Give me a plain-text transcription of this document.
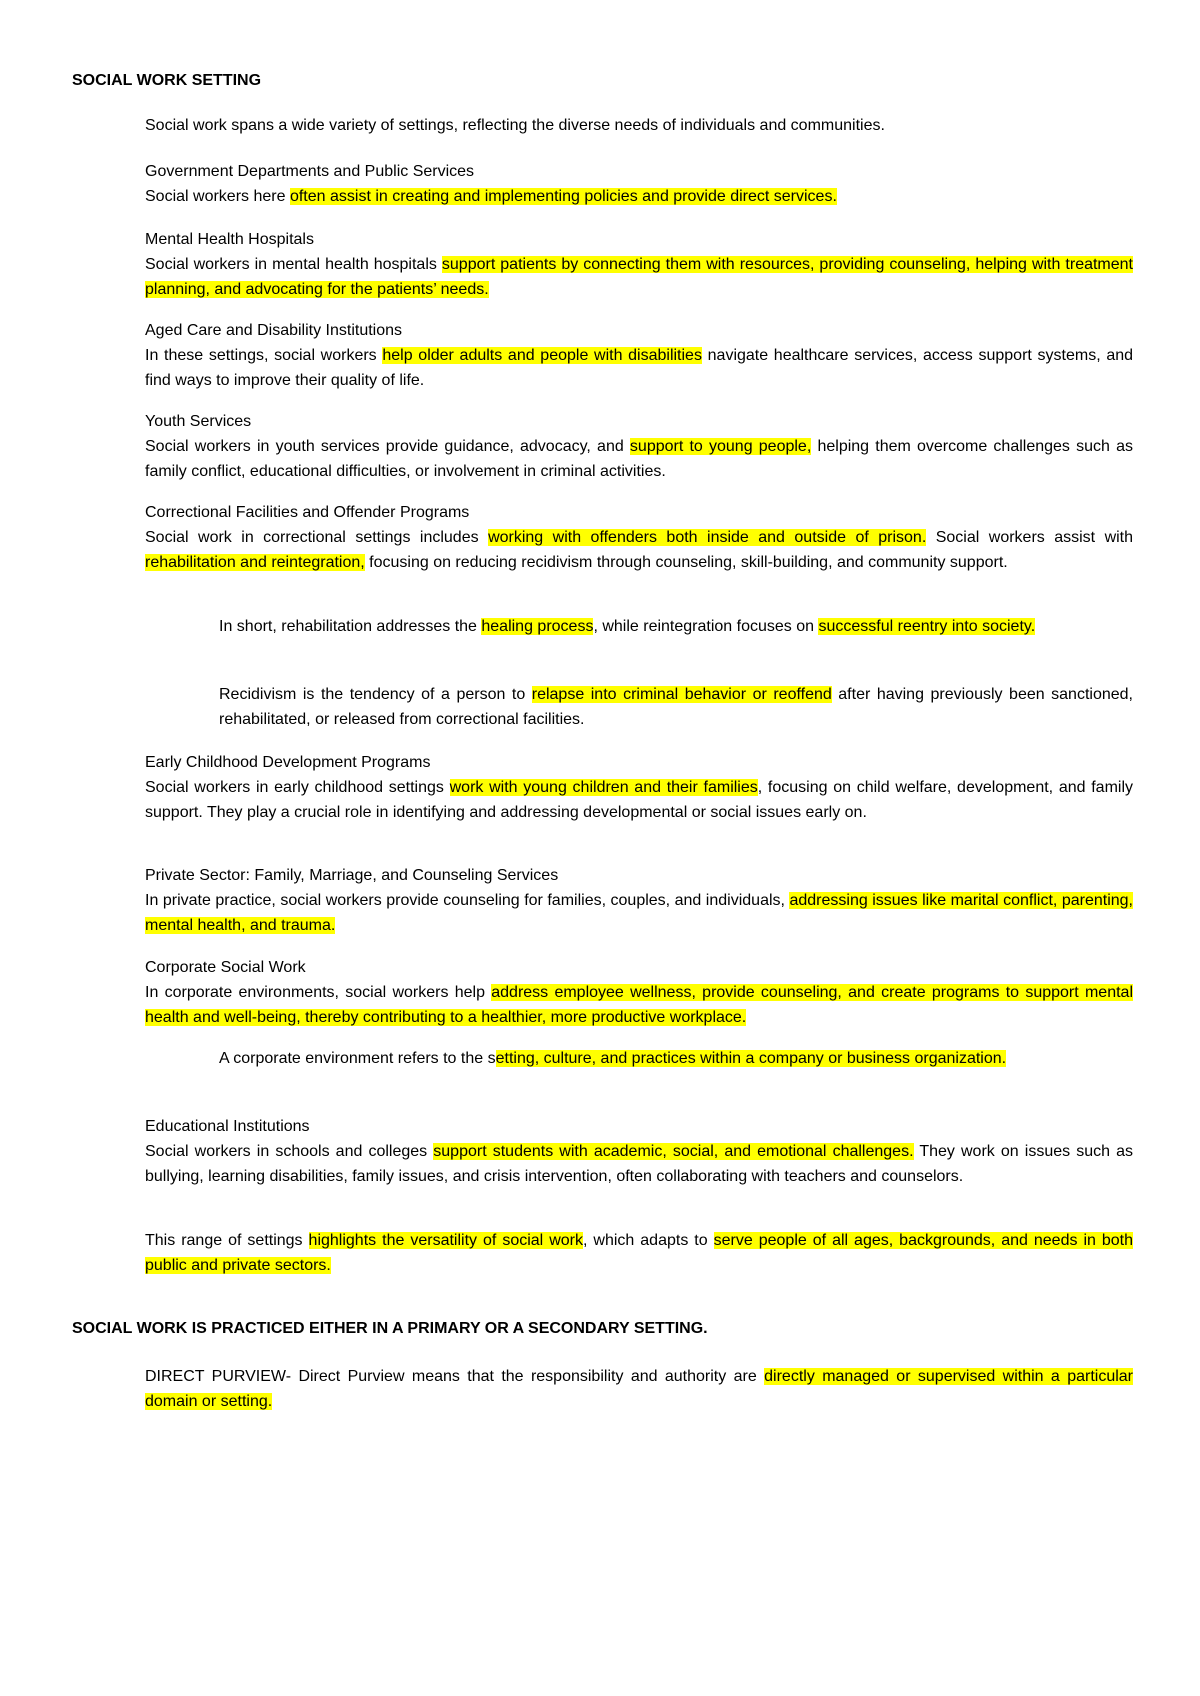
SOCIAL WORK SETTING
Social work spans a wide variety of settings, reflecting the diverse needs of individuals and communities.
Government Departments and Public Services
Social workers here often assist in creating and implementing policies and provide direct services.
Mental Health Hospitals
Social workers in mental health hospitals support patients by connecting them with resources, providing counseling, helping with treatment planning, and advocating for the patients’ needs.
Aged Care and Disability Institutions
In these settings, social workers help older adults and people with disabilities navigate healthcare services, access support systems, and find ways to improve their quality of life.
Youth Services
Social workers in youth services provide guidance, advocacy, and support to young people, helping them overcome challenges such as family conflict, educational difficulties, or involvement in criminal activities.
Correctional Facilities and Offender Programs
Social work in correctional settings includes working with offenders both inside and outside of prison. Social workers assist with rehabilitation and reintegration, focusing on reducing recidivism through counseling, skill-building, and community support.
In short, rehabilitation addresses the healing process, while reintegration focuses on successful reentry into society.
Recidivism is the tendency of a person to relapse into criminal behavior or reoffend after having previously been sanctioned, rehabilitated, or released from correctional facilities.
Early Childhood Development Programs
Social workers in early childhood settings work with young children and their families, focusing on child welfare, development, and family support. They play a crucial role in identifying and addressing developmental or social issues early on.
Private Sector: Family, Marriage, and Counseling Services
In private practice, social workers provide counseling for families, couples, and individuals, addressing issues like marital conflict, parenting, mental health, and trauma.
Corporate Social Work
In corporate environments, social workers help address employee wellness, provide counseling, and create programs to support mental health and well-being, thereby contributing to a healthier, more productive workplace.
A corporate environment refers to the setting, culture, and practices within a company or business organization.
Educational Institutions
Social workers in schools and colleges support students with academic, social, and emotional challenges. They work on issues such as bullying, learning disabilities, family issues, and crisis intervention, often collaborating with teachers and counselors.
This range of settings highlights the versatility of social work, which adapts to serve people of all ages, backgrounds, and needs in both public and private sectors.
SOCIAL WORK IS PRACTICED EITHER IN A PRIMARY OR A SECONDARY SETTING.
DIRECT PURVIEW- Direct Purview means that the responsibility and authority are directly managed or supervised within a particular domain or setting.
